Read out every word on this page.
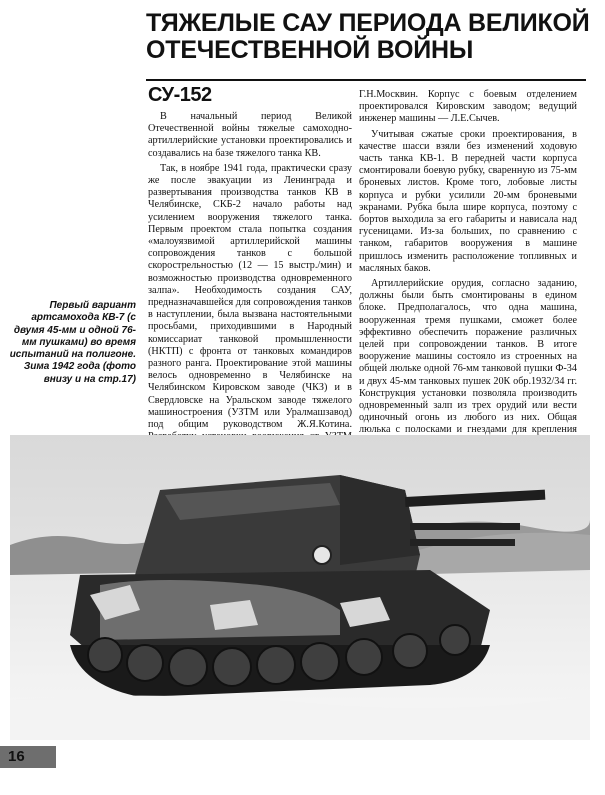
ТЯЖЕЛЫЕ САУ ПЕРИОДА ВЕЛИКОЙ
ОТЕЧЕСТВЕННОЙ ВОЙНЫ
СУ-152

В начальный период Великой Отечественной войны тяжелые самоходно-артиллерийские установки проектировались и создавались на базе тяжелого танка КВ.

Так, в ноябре 1941 года, практически сразу же после эвакуации из Ленинграда и развертывания производства танков КВ в Челябинске, СКБ-2 начало работы над усилением вооружения тяжелого танка. Первым проектом стала попытка создания «малоуязвимой артиллерийской машины сопровождения танков с большой скорострельностью (12 — 15 выстр./мин) и возможностью производства одновременного залпа». Необходимость создания САУ, предназначавшейся для сопровождения танков в наступлении, была вызвана настоятельными просьбами, приходившими в Народный комиссариат танковой промышленности (НКТП) с фронта от танковых командиров разного ранга. Проектирование этой машины велось одновременно в Челябинске на Челябинском Кировском заводе (ЧКЗ) и в Свердловске на Уральском заводе тяжелого машиностроения (УЗТМ или Уралмашзавод) под общим руководством Ж.Я.Котина.

Г.Н.Москвин. Корпус с боевым отделением проектировался Кировским заводом; ведущий инженер машины — Л.Е.Сычев.

Учитывая сжатые сроки проектирования, в качестве шасси взяли без изменений ходовую часть танка КВ-1. В передней части корпуса смонтировали боевую рубку, сваренную из 75-мм броневых листов. Кроме того, лобовые листы корпуса и рубки усилили 20-мм броневыми экранами. Рубка была шире корпуса, поэтому с бортов выходила за его габариты и нависала над гусеницами. Из-за больших, по сравнению с танком, габаритов вооружения в машине пришлось изменить расположение топливных и масляных баков.

Артиллерийские орудия, согласно заданию, должны были быть смонтированы в едином блоке. Предполагалось, что одна машина, вооруженная тремя пушками, сможет более эффективно обеспечить поражение различных целей при сопровождении танков. В итоге вооружение машины состояло из строенных на общей люльке одной 76-мм танковой пушки Ф-34 и двух 45-мм танковых пушек 20К обр.1932/34 гг. Конструкция установки позволяла производить одновременный залп из трех орудий или вести одиночный огонь из любого из них. Общая люлька с полосками и гнездами для крепления

Первый вариант артсамохода КВ-7 (с двумя 45-мм и одной 76-мм пушками) во время испытаний на полигоне. Зима 1942 года (фото внизу и на стр.17)
16
